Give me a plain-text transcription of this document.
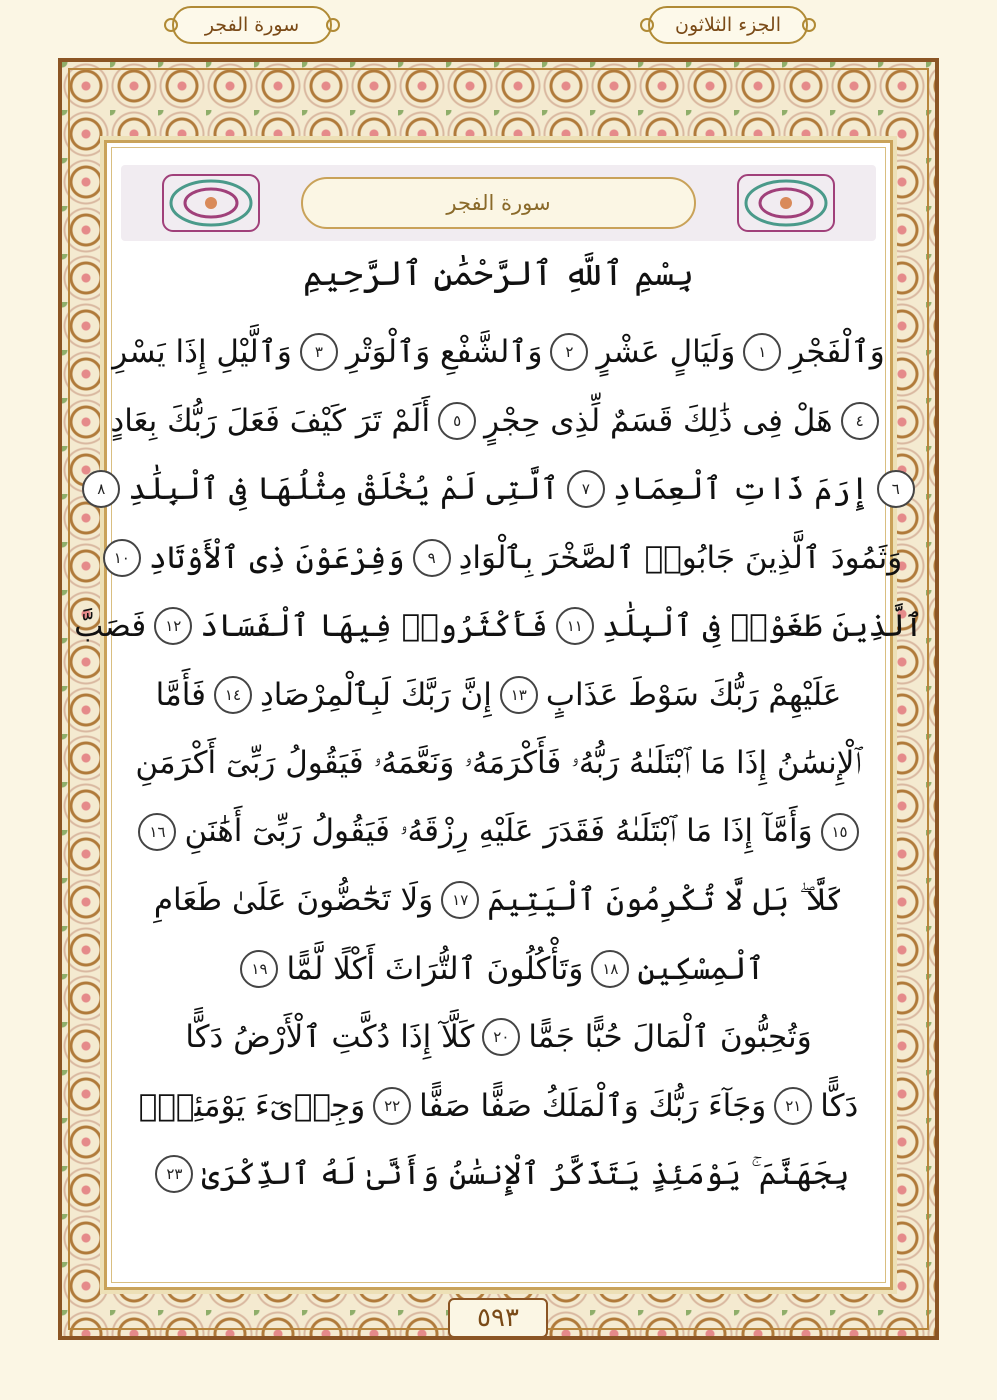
سورة الفجر	الجزء الثلاثون
سورة الفجر
بِسْمِ ٱللَّهِ ٱلرَّحْمَٰنِ ٱلرَّحِيمِ
وَٱلْفَجْرِ
١
وَلَيَالٍ عَشْرٍ
٢
وَٱلشَّفْعِ وَٱلْوَتْرِ
٣
وَٱلَّيْلِ إِذَا يَسْرِ
٤
هَلْ فِى ذَٰلِكَ قَسَمٌ لِّذِى حِجْرٍ
٥
أَلَمْ تَرَ كَيْفَ فَعَلَ رَبُّكَ بِعَادٍ
٦
إِرَمَ ذَاتِ ٱلْعِمَادِ
٧
ٱلَّتِى لَمْ يُخْلَقْ مِثْلُهَا فِى ٱلْبِلَٰدِ
٨
وَثَمُودَ ٱلَّذِينَ جَابُوا۟ ٱلصَّخْرَ بِٱلْوَادِ
٩
وَفِرْعَوْنَ ذِى ٱلْأَوْتَادِ
١٠
ٱلَّذِينَ طَغَوْا۟ فِى ٱلْبِلَٰدِ
١١
فَأَكْثَرُوا۟ فِيهَا ٱلْفَسَادَ
١٢
فَصَبَّ
عَلَيْهِمْ رَبُّكَ سَوْطَ عَذَابٍ
١٣
إِنَّ رَبَّكَ لَبِٱلْمِرْصَادِ
١٤
فَأَمَّا
ٱلْإِنسَٰنُ إِذَا مَا ٱبْتَلَىٰهُ رَبُّهُۥ فَأَكْرَمَهُۥ وَنَعَّمَهُۥ فَيَقُولُ رَبِّىٓ أَكْرَمَنِ
١٥
وَأَمَّآ إِذَا مَا ٱبْتَلَىٰهُ فَقَدَرَ عَلَيْهِ رِزْقَهُۥ فَيَقُولُ رَبِّىٓ أَهَٰنَنِ
١٦
كَلَّا ۖ بَل لَّا تُكْرِمُونَ ٱلْيَتِيمَ
١٧
وَلَا تَحَٰٓضُّونَ عَلَىٰ طَعَامِ
ٱلْمِسْكِينِ
١٨
وَتَأْكُلُونَ ٱلتُّرَاثَ أَكْلًا لَّمًّا
١٩
وَتُحِبُّونَ ٱلْمَالَ حُبًّا جَمًّا
٢٠
كَلَّآ إِذَا دُكَّتِ ٱلْأَرْضُ دَكًّا
دَكًّا
٢١
وَجَآءَ رَبُّكَ وَٱلْمَلَكُ صَفًّا صَفًّا
٢٢
وَجِا۟ىٓءَ يَوْمَئِذٍۭ
بِجَهَنَّمَ ۚ يَوْمَئِذٍ يَتَذَكَّرُ ٱلْإِنسَٰنُ وَأَنَّىٰ لَهُ ٱلذِّكْرَىٰ
٢٣
٥٩٣
